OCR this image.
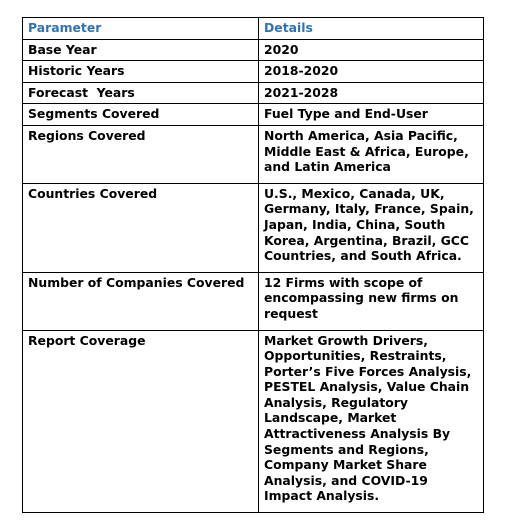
Parameter	Details
Base Year	2020
Historic Years	2018-2020
Forecast  Years	2021-2028
Segments Covered	Fuel Type and End-User
Regions Covered	North America, Asia Pacific, Middle East & Africa, Europe, and Latin America
Countries Covered	U.S., Mexico, Canada, UK, Germany, Italy, France, Spain, Japan, India, China, South Korea, Argentina, Brazil, GCC Countries, and South Africa.
Number of Companies Covered	12 Firms with scope of encompassing new firms on request
Report Coverage	Market Growth Drivers, Opportunities, Restraints, Porter’s Five Forces Analysis, PESTEL Analysis, Value Chain Analysis, Regulatory Landscape, Market Attractiveness Analysis By Segments and Regions, Company Market Share Analysis, and COVID-19 Impact Analysis.
